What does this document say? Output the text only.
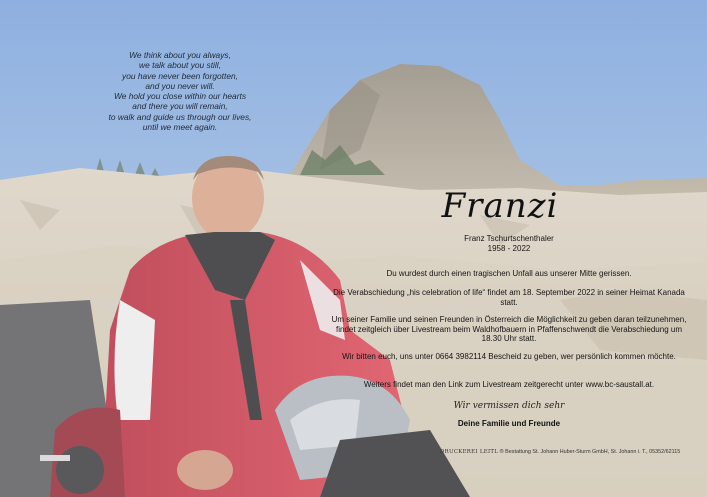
We think about you always,
we talk about you still,
you have never been forgotten,
and you never will.
We hold you close within our hearts
and there you will remain,
to walk and guide us through our lives,
until we meet again.
Franzi
Franz Tschurtschenthaler
1958 - 2022
Du wurdest durch einen tragischen Unfall aus unserer Mitte gerissen.
Die Verabschiedung „his celebration of life“ findet am 18. September 2022 in seiner Heimat Kanada statt.
Um seiner Familie und seinen Freunden in Österreich die Möglichkeit zu geben daran teilzunehmen, findet zeitgleich über Livestream beim Waldhofbauern in Pfaffenschwendt die Verabschiedung um 18.30 Uhr statt.
Wir bitten euch, uns unter 0664 3982114 Bescheid zu geben, wer persönlich kommen möchte.
Weiters findet man den Link zum Livestream zeitgerecht unter www.bc-saustall.at.
Wir vermissen dich sehr
Deine Familie und Freunde
DRUCKEREI LEITL ® Bestattung St. Johann Huber-Sturm GmbH, St. Johann i. T., 05352/62115
